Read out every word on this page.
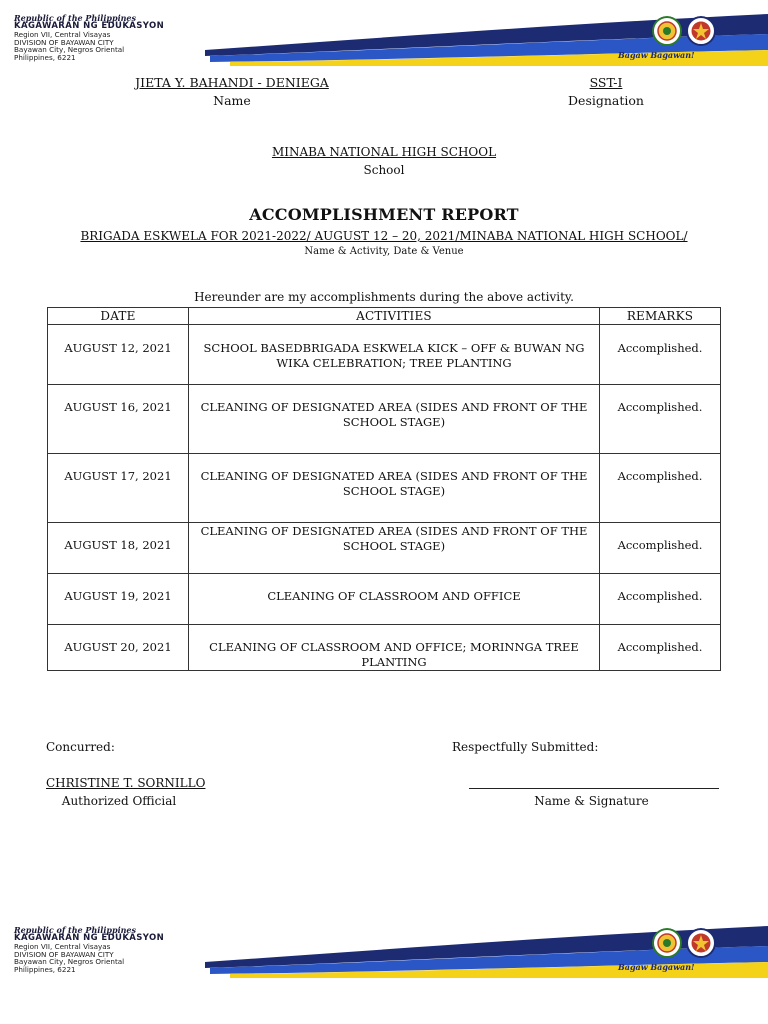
Republic of the Philippines
KAGAWARAN NG EDUKASYON
Region VII, Central Visayas
DIVISION OF BAYAWAN CITY
Bayawan City, Negros Oriental
Philippines, 6221	Bagaw Bagawan!
JIETA Y. BAHANDI - DENIEGA
Name
SST-I
Designation
MINABA NATIONAL HIGH SCHOOL
School
ACCOMPLISHMENT REPORT
BRIGADA ESKWELA FOR 2021-2022/ AUGUST 12 – 20, 2021/MINABA NATIONAL HIGH SCHOOL/
Name & Activity, Date & Venue
Hereunder are my accomplishments during the above activity.
DATE	ACTIVITIES	REMARKS
AUGUST 12, 2021	SCHOOL BASEDBRIGADA ESKWELA KICK – OFF & BUWAN NG WIKA CELEBRATION; TREE PLANTING	Accomplished.
AUGUST 16, 2021	CLEANING OF DESIGNATED AREA (SIDES AND FRONT OF THE SCHOOL STAGE)	Accomplished.
AUGUST 17, 2021	CLEANING OF DESIGNATED AREA (SIDES AND FRONT OF THE SCHOOL STAGE)	Accomplished.
AUGUST 18, 2021	CLEANING OF DESIGNATED AREA (SIDES AND FRONT OF THE SCHOOL STAGE)	Accomplished.
AUGUST 19, 2021	CLEANING OF CLASSROOM AND OFFICE	Accomplished.
AUGUST 20, 2021	CLEANING OF CLASSROOM AND OFFICE; MORINNGA TREE PLANTING	Accomplished.
Concurred:	Respectfully Submitted:
CHRISTINE T. SORNILLO
Authorized Official	Name & Signature
Republic of the Philippines
KAGAWARAN NG EDUKASYON
Region VII, Central Visayas
DIVISION OF BAYAWAN CITY
Bayawan City, Negros Oriental
Philippines, 6221	Bagaw Bagawan!
